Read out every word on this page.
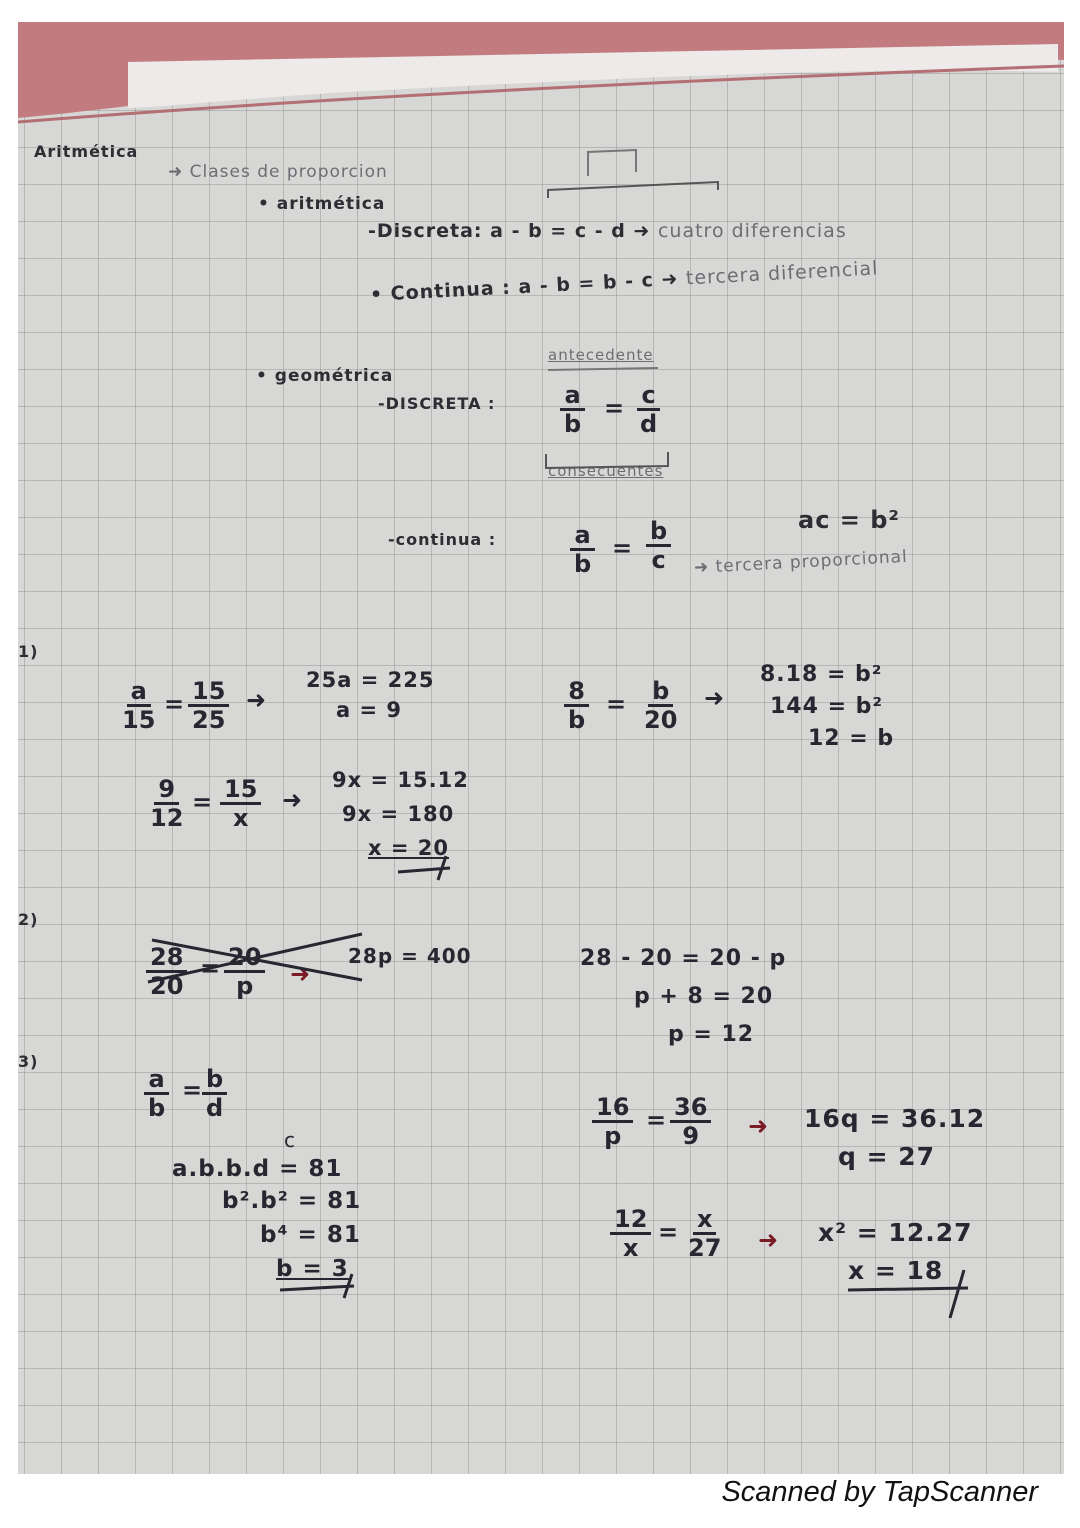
Aritmética
➜ Clases de proporcion
• aritmética
-Discreta: a - b = c - d ➜ cuatro diferencias
• Continua : a - b = b - c ➜ tercera diferencial
• geométrica
antecedente
-DISCRETA :	$\frac{a}{b} = \frac{c}{d}$
consecuentes
-continua :	$\frac{a}{b} = \frac{b}{c}$	ac = b²
➜ tercera proporcional
1)
$\frac{a}{15} = \frac{15}{25}$ ➜
25a = 225
a = 9	$\frac{8}{b} = \frac{b}{20}$ ➜
8.18 = b²
144 = b²
12 = b
$\frac{9}{12} = \frac{15}{x}$ ➜
9x = 15.12
9x = 180
x = 20
2)
$\frac{28}{20} = \frac{20}{p}$ ➜
28p = 400	28 - 20 = 20 - p
p + 8 = 20
p = 12
3)
$\frac{a}{b} = \frac{b}{d}$
c
a.b.b.d = 81
b².b² = 81
b⁴ = 81
b = 3
$\frac{16}{p} = \frac{36}{9}$ ➜ 16q = 36.12
q = 27
$\frac{12}{x} = \frac{x}{27}$ ➜ x² = 12.27
x = 18
Scanned by TapScanner
